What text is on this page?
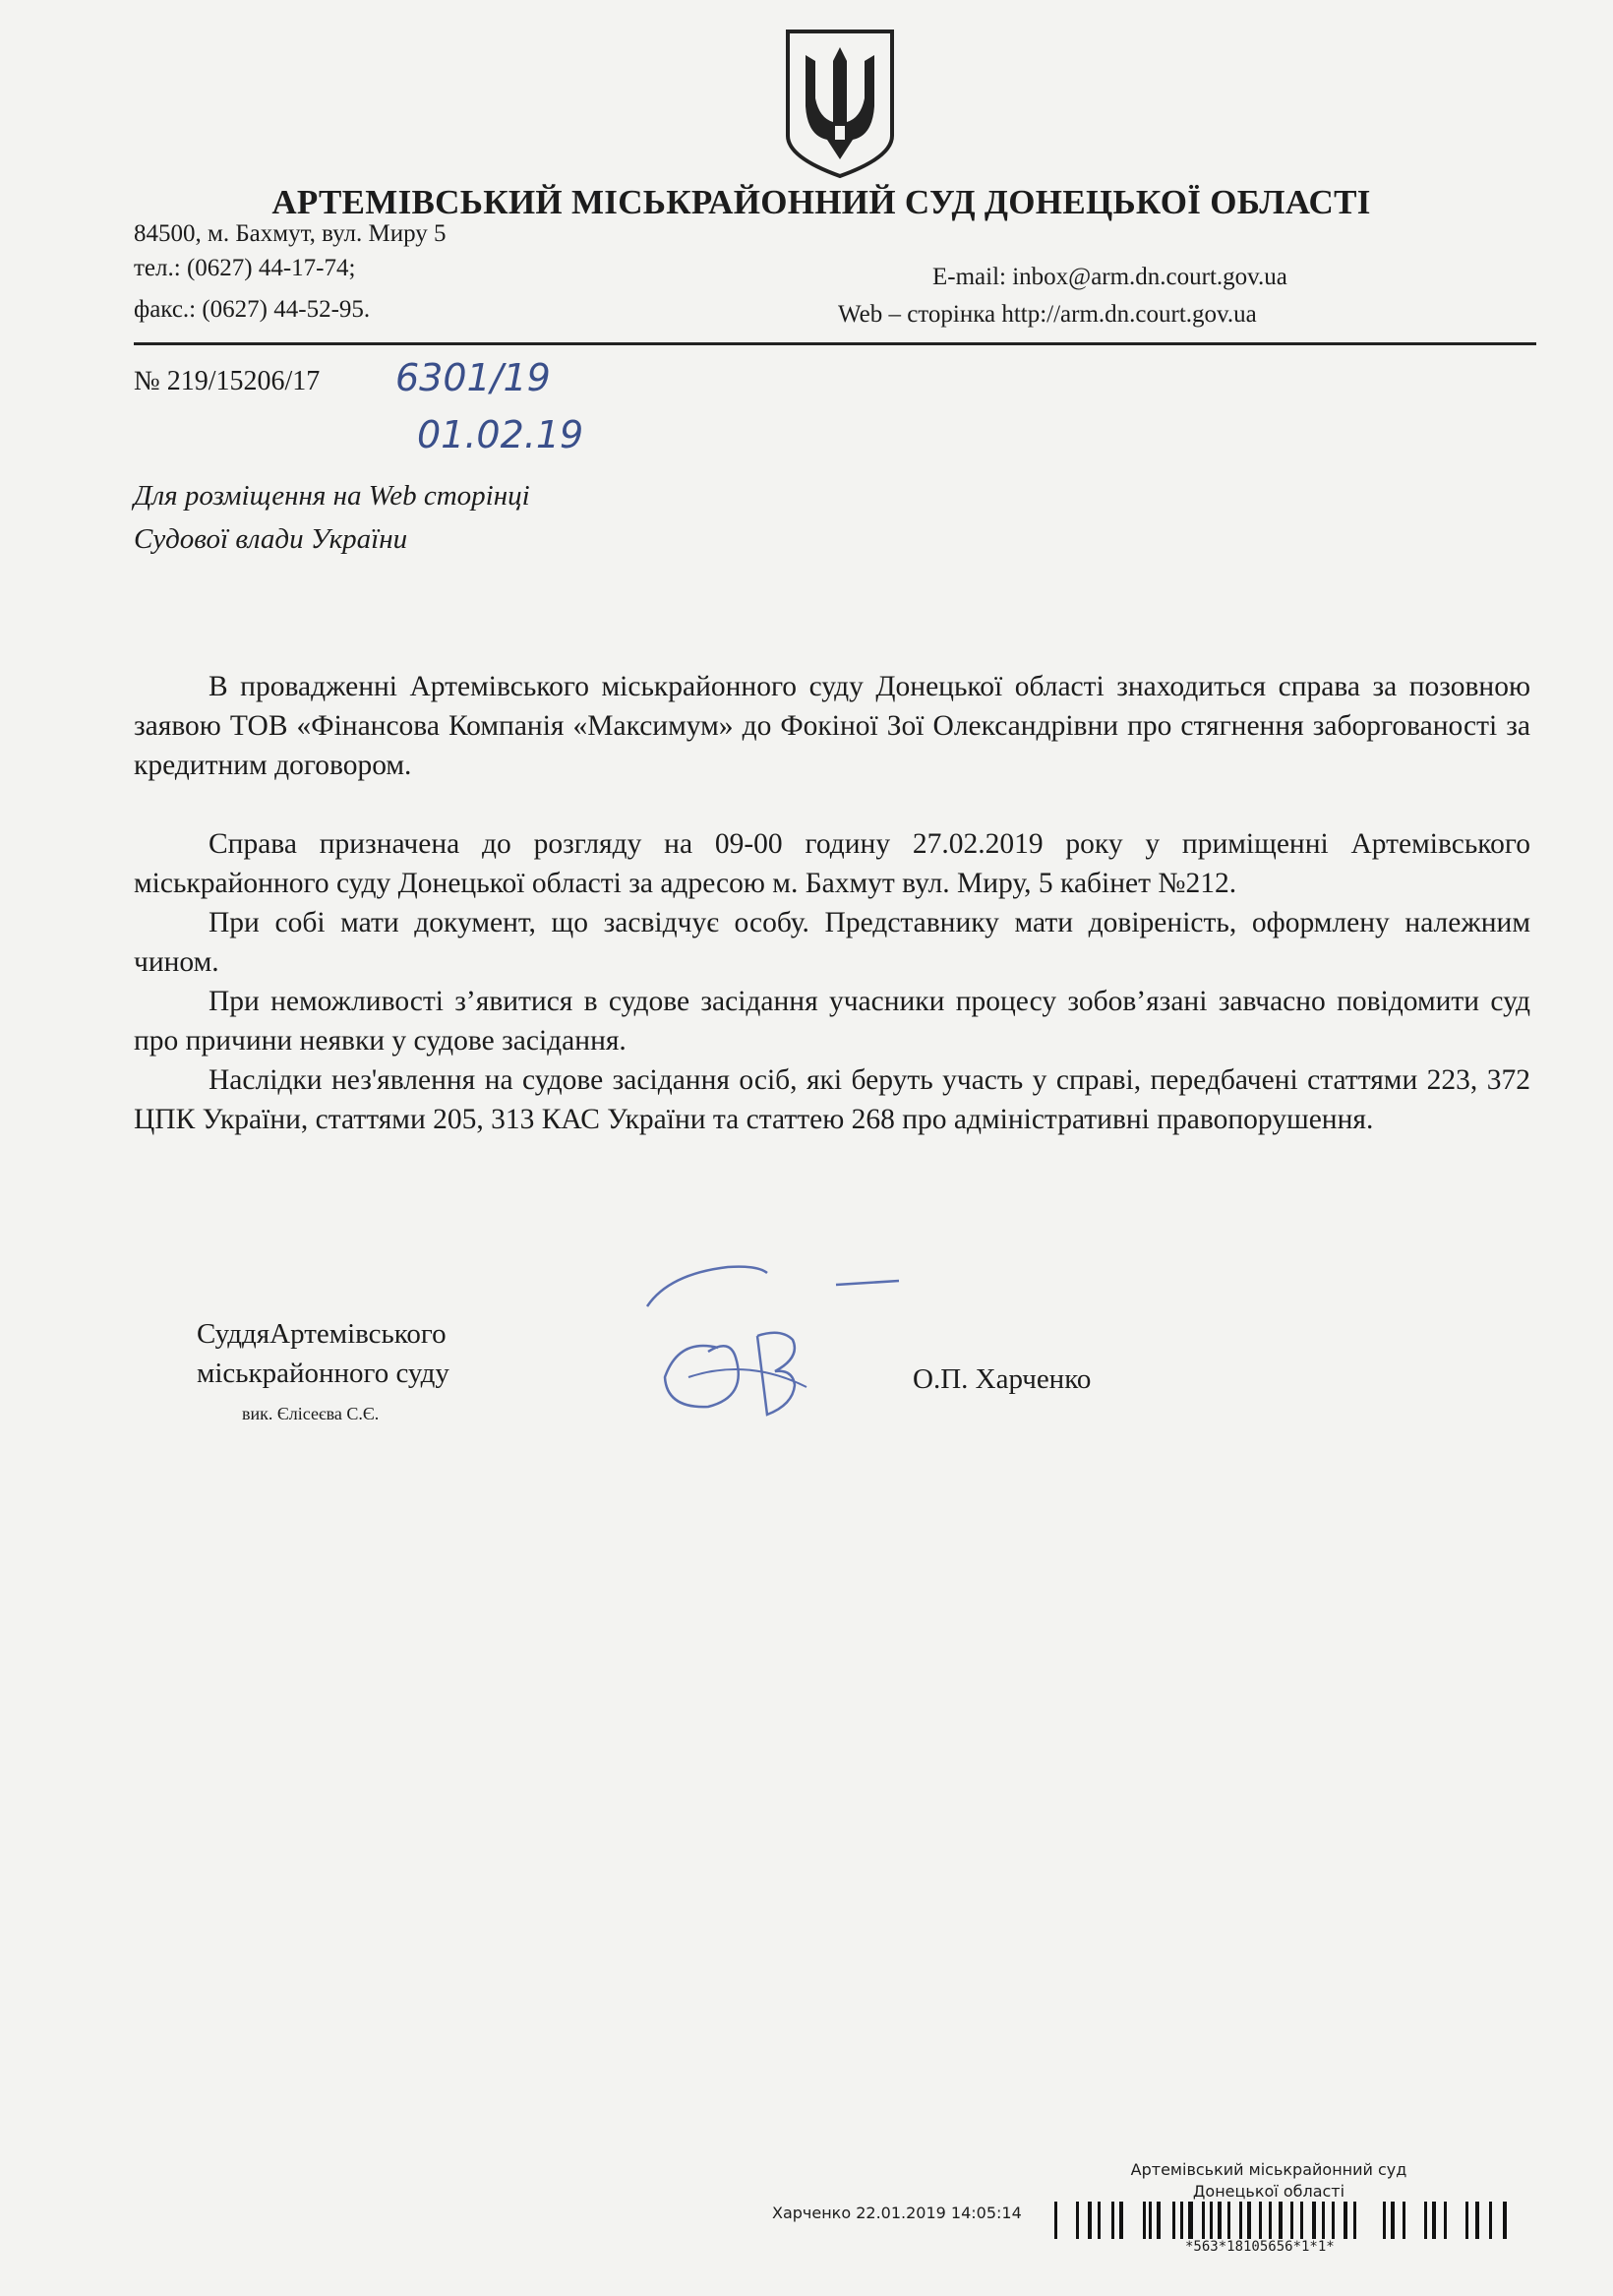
АРТЕМІВСЬКИЙ МІСЬКРАЙОННИЙ СУД ДОНЕЦЬКОЇ ОБЛАСТІ
84500, м. Бахмут, вул. Миру 5
тел.: (0627) 44-17-74;
факс.: (0627) 44-52-95.
E-mail: inbox@arm.dn.court.gov.ua
Web – сторінка http://arm.dn.court.gov.ua
№ 219/15206/17 6301/19
01.02.19
Для розміщення на Web сторінці
Судової влади України

В провадженні Артемівського міськрайонного суду Донецької області знаходиться справа за позовною заявою ТОВ «Фінансова Компанія «Максимум» до Фокіної Зої Олександрівни про стягнення заборгованості за кредитним договором.

Справа призначена до розгляду на 09-00 годину 27.02.2019 року у приміщенні Артемівського міськрайонного суду Донецької області за адресою м. Бахмут вул. Миру, 5 кабінет №212.

При собі мати документ, що засвідчує особу. Представнику мати довіреність, оформлену належним чином.

При неможливості з’явитися в судове засідання учасники процесу зобов’язані завчасно повідомити суд про причини неявки у судове засідання.

Наслідки нез'явлення на судове засідання осіб, які беруть участь у справі, передбачені статтями 223, 372 ЦПК України, статтями 205, 313 КАС України та статтею 268 про адміністративні правопорушення.

СуддяАртемівського
міськрайонного суду
вик. Єлісеєва С.Є.
О.П. Харченко
Артемівський міськрайонний суд
Донецької області
Харченко 22.01.2019 14:05:14
*563*18105656*1*1*
